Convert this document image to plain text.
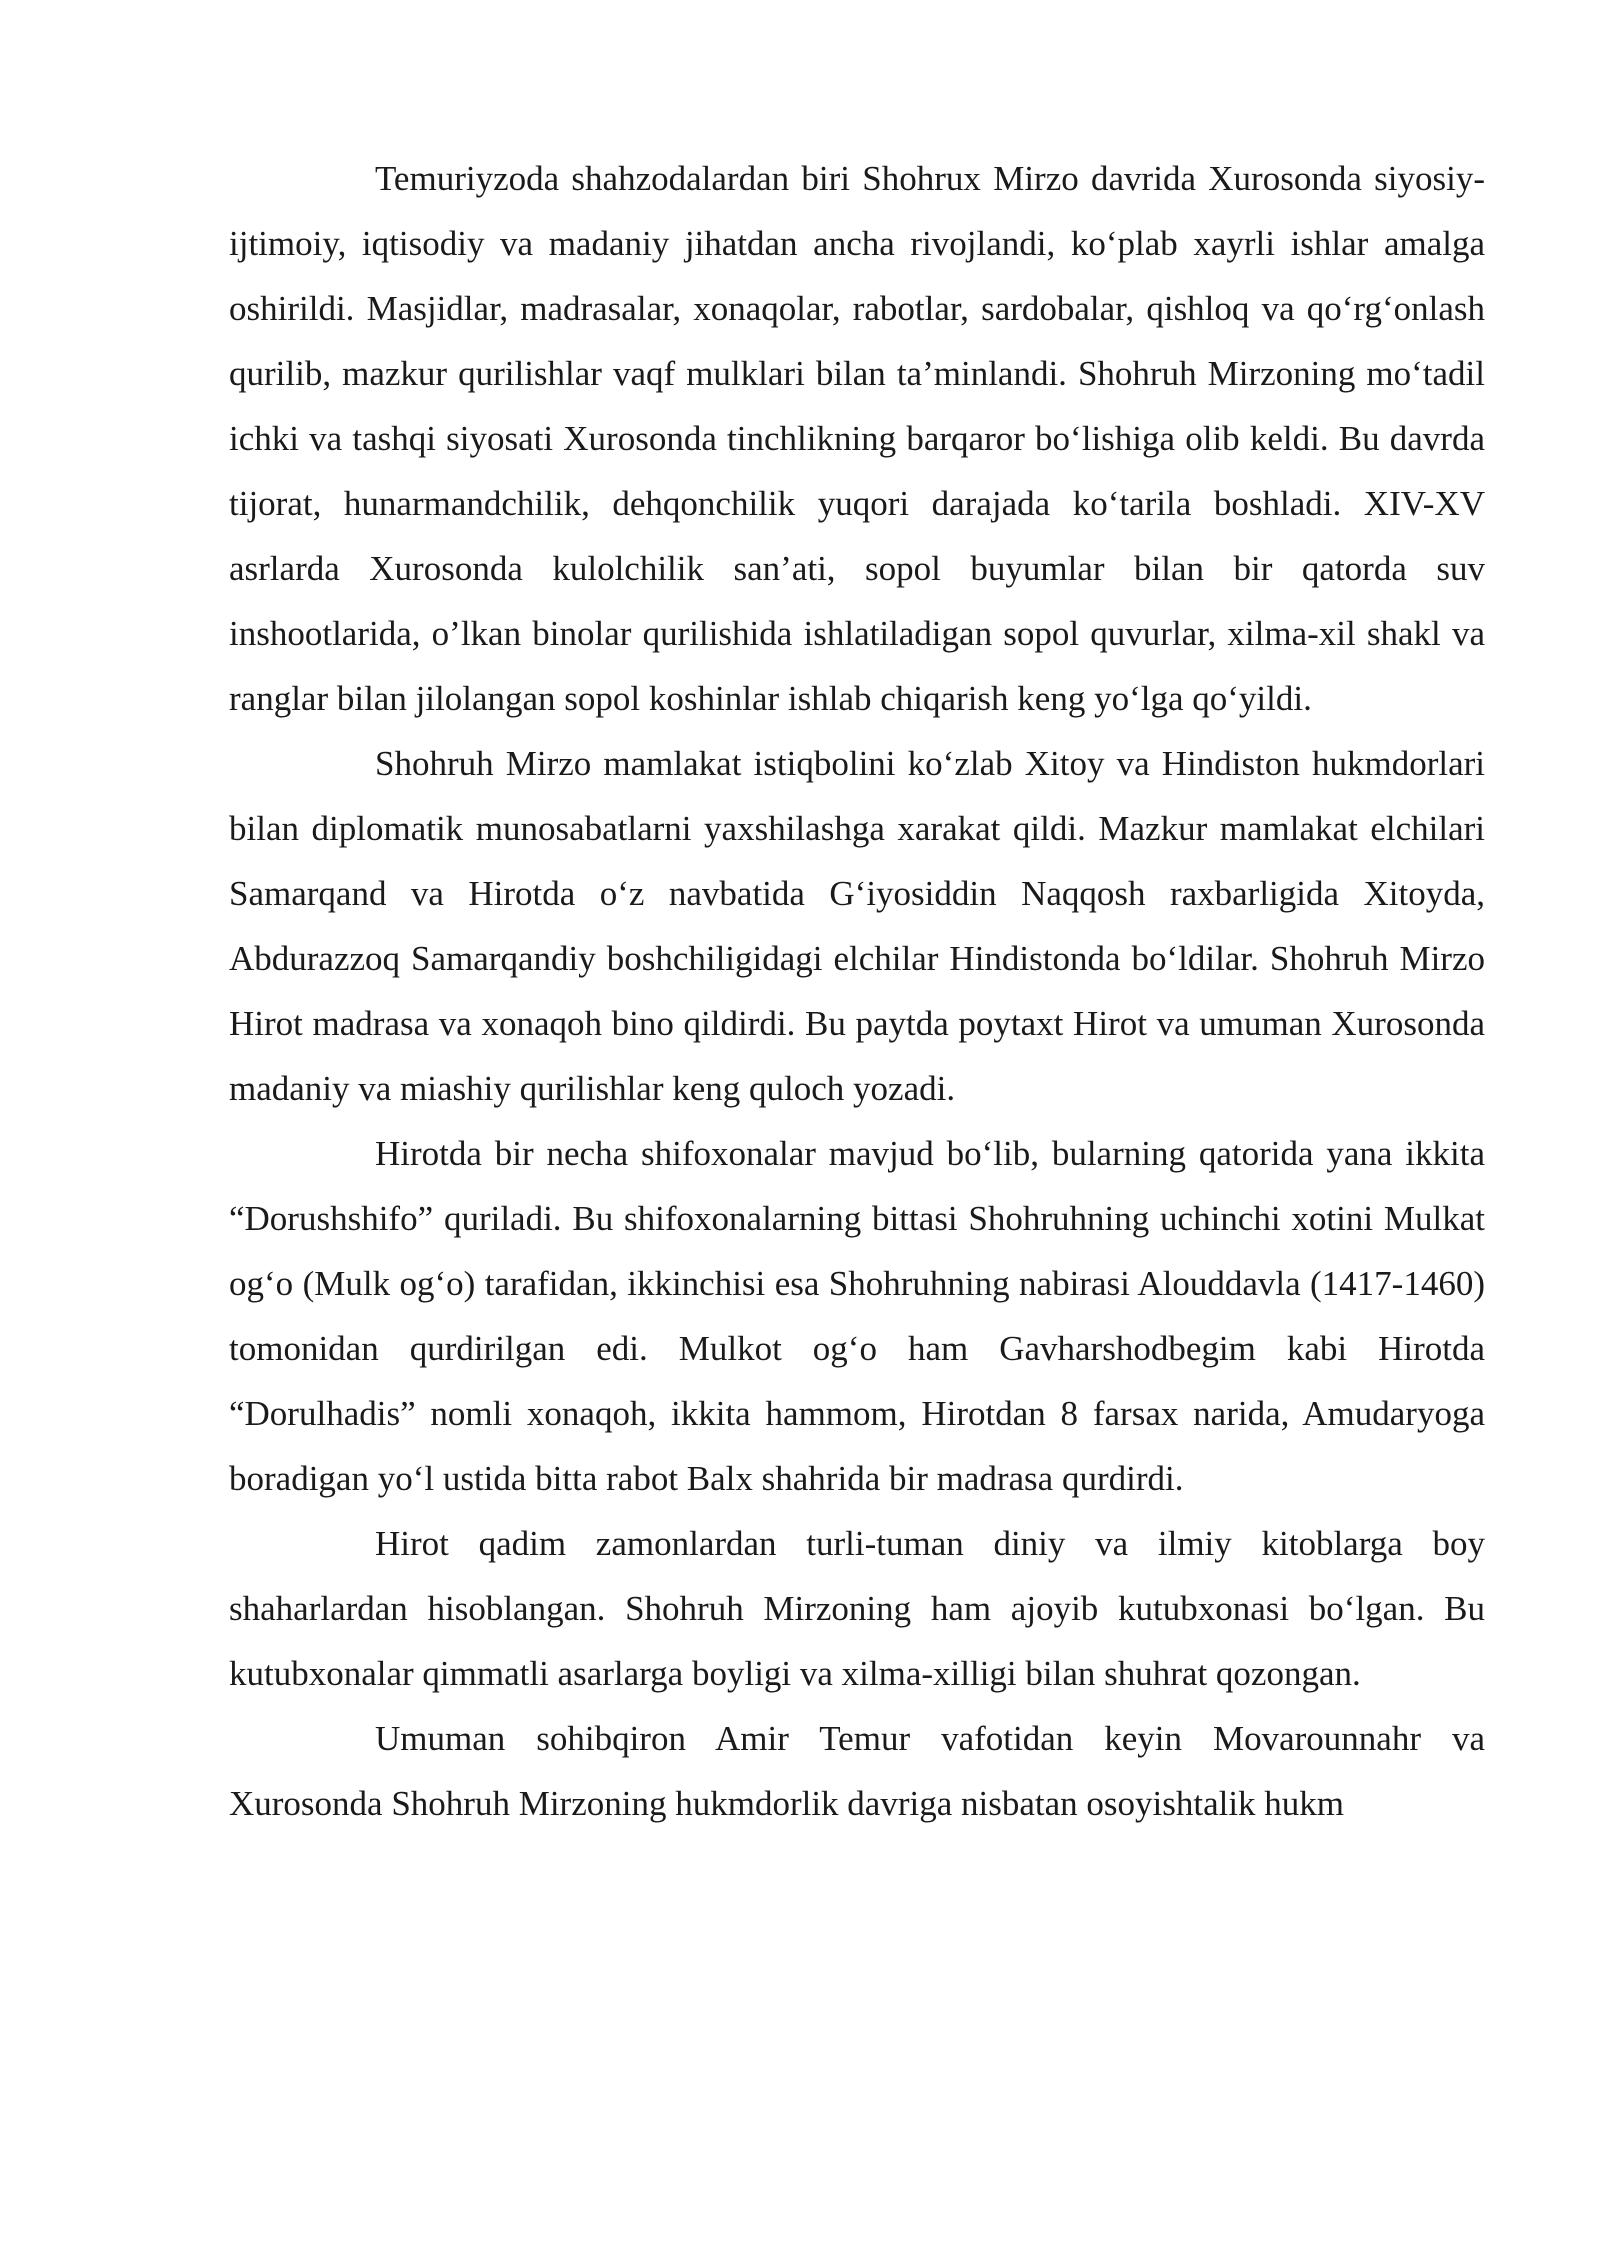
Temuriyzoda shahzodalardan biri Shohrux Mirzo davrida Xurosonda siyosiy-ijtimoiy, iqtisodiy va madaniy jihatdan ancha rivojlandi, ko‘plab xayrli ishlar amalga oshirildi. Masjidlar, madrasalar, xonaqolar, rabotlar, sardobalar, qishloq va qo‘rg‘onlash qurilib, mazkur qurilishlar vaqf mulklari bilan ta’minlandi. Shohruh Mirzoning mo‘tadil ichki va tashqi siyosati Xurosonda tinchlikning barqaror bo‘lishiga olib keldi. Bu davrda tijorat, hunarmandchilik, dehqonchilik yuqori darajada ko‘tarila boshladi. XIV-XV asrlarda Xurosonda kulolchilik san’ati, sopol buyumlar bilan bir qatorda suv inshootlarida, o’lkan binolar qurilishida ishlatiladigan sopol quvurlar, xilma-xil shakl va ranglar bilan jilolangan sopol koshinlar ishlab chiqarish keng yo‘lga qo‘yildi.

Shohruh Mirzo mamlakat istiqbolini ko‘zlab Xitoy va Hindiston hukmdorlari bilan diplomatik munosabatlarni yaxshilashga xarakat qildi. Mazkur mamlakat elchilari Samarqand va Hirotda o‘z navbatida G‘iyosiddin Naqqosh raxbarligida Xitoyda, Abdurazzoq Samarqandiy boshchiligidagi elchilar Hindistonda bo‘ldilar. Shohruh Mirzo Hirot madrasa va xonaqoh bino qildirdi. Bu paytda poytaxt Hirot va umuman Xurosonda madaniy va miashiy qurilishlar keng quloch yozadi.

Hirotda bir necha shifoxonalar mavjud bo‘lib, bularning qatorida yana ikkita “Dorushshifo” quriladi. Bu shifoxonalarning bittasi Shohruhning uchinchi xotini Mulkat og‘o (Mulk og‘o) tarafidan, ikkinchisi esa Shohruhning nabirasi Alouddavla (1417-1460) tomonidan qurdirilgan edi. Mulkot og‘o ham Gavharshodbegim kabi Hirotda “Dorulhadis” nomli xonaqoh, ikkita hammom, Hirotdan 8 farsax narida, Amudaryoga boradigan yo‘l ustida bitta rabot Balx shahrida bir madrasa qurdirdi.

Hirot qadim zamonlardan turli-tuman diniy va ilmiy kitoblarga boy shaharlardan hisoblangan. Shohruh Mirzoning ham ajoyib kutubxonasi bo‘lgan. Bu kutubxonalar qimmatli asarlarga boyligi va xilma-xilligi bilan shuhrat qozongan.

Umuman sohibqiron Amir Temur vafotidan keyin Movarounnahr va Xurosonda Shohruh Mirzoning hukmdorlik davriga nisbatan osoyishtalik hukm
